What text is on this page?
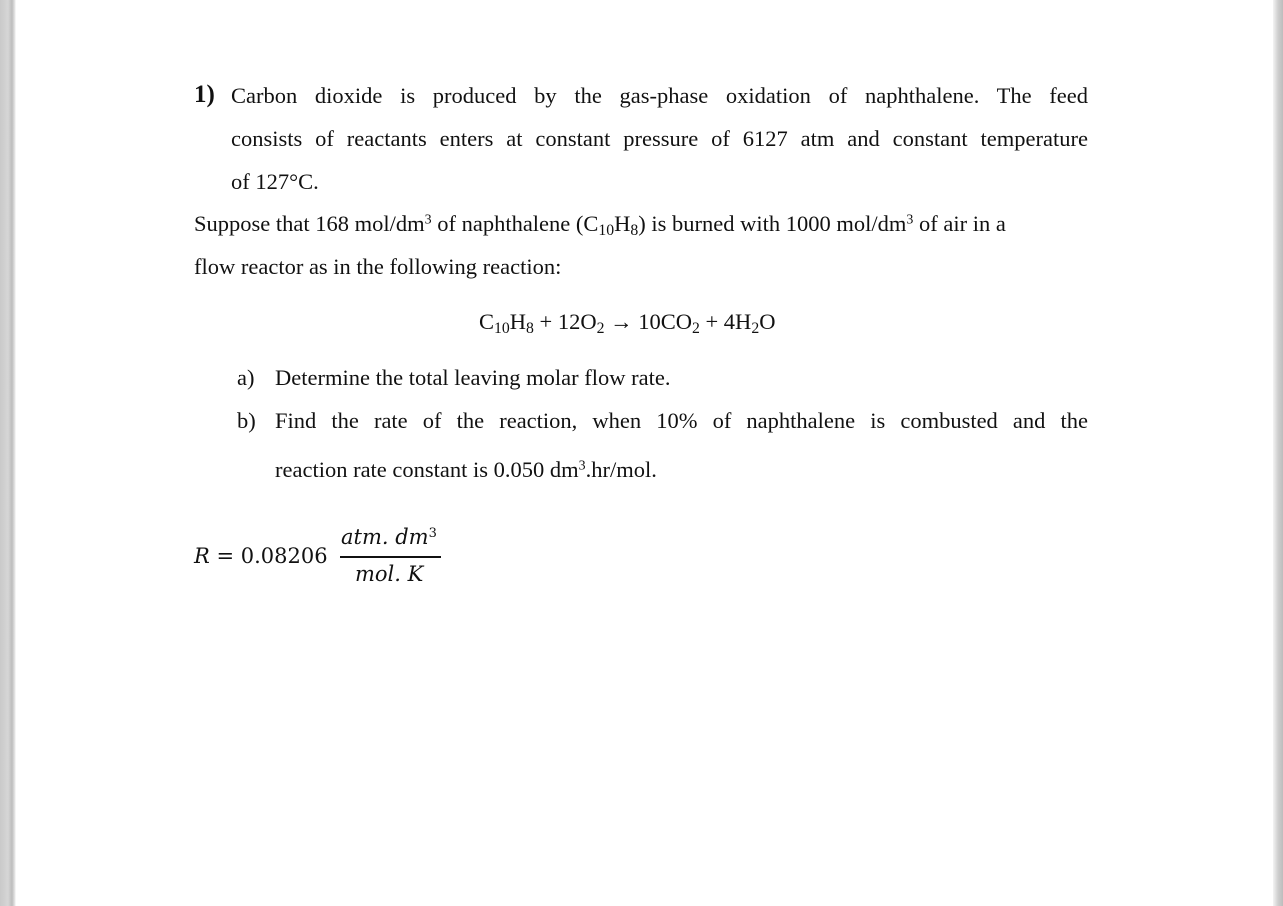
1) Carbon dioxide is produced by the gas-phase oxidation of naphthalene. The feed
consists of reactants enters at constant pressure of 6127 atm and constant temperature
of 127°C.
Suppose that 168 mol/$dm^3$ of naphthalene $(C_{10}H_8)$ is burned with 1000 mol/$dm^3$ of air in a
flow reactor as in the following reaction:
$C_{10}H_8 + 12O_2 \to 10CO_2 + 4H_2O$
a) Determine the total leaving molar flow rate.
b) Find the rate of the reaction, when 10% of naphthalene is combusted and the
reaction rate constant is 0.050 $dm^3.hr$/mol.
R = 0.08206
atm. $dm^3$
mol. K
